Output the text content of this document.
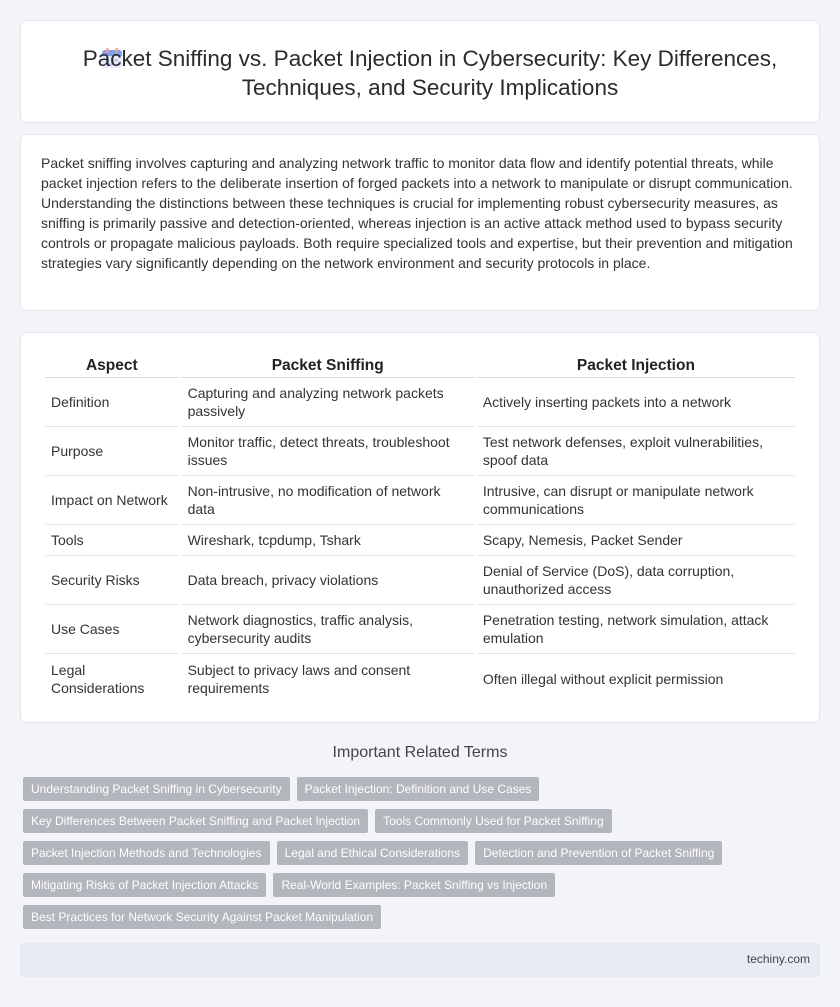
Packet Sniffing vs. Packet Injection in Cybersecurity: Key Differences, Techniques, and Security Implications

Packet sniffing involves capturing and analyzing network traffic to monitor data flow and identify potential threats, while packet injection refers to the deliberate insertion of forged packets into a network to manipulate or disrupt communication. Understanding the distinctions between these techniques is crucial for implementing robust cybersecurity measures, as sniffing is primarily passive and detection-oriented, whereas injection is an active attack method used to bypass security controls or propagate malicious payloads. Both require specialized tools and expertise, but their prevention and mitigation strategies vary significantly depending on the network environment and security protocols in place.

Aspect	Packet Sniffing	Packet Injection
Definition	Capturing and analyzing network packets passively	Actively inserting packets into a network
Purpose	Monitor traffic, detect threats, troubleshoot issues	Test network defenses, exploit vulnerabilities, spoof data
Impact on Network	Non-intrusive, no modification of network data	Intrusive, can disrupt or manipulate network communications
Tools	Wireshark, tcpdump, Tshark	Scapy, Nemesis, Packet Sender
Security Risks	Data breach, privacy violations	Denial of Service (DoS), data corruption, unauthorized access
Use Cases	Network diagnostics, traffic analysis, cybersecurity audits	Penetration testing, network simulation, attack emulation
Legal Considerations	Subject to privacy laws and consent requirements	Often illegal without explicit permission
Important Related Terms
Understanding Packet Sniffing in Cybersecurity	Packet Injection: Definition and Use Cases
Key Differences Between Packet Sniffing and Packet Injection	Tools Commonly Used for Packet Sniffing
Packet Injection Methods and Technologies	Legal and Ethical Considerations	Detection and Prevention of Packet Sniffing
Mitigating Risks of Packet Injection Attacks	Real-World Examples: Packet Sniffing vs Injection
Best Practices for Network Security Against Packet Manipulation
techiny.com
